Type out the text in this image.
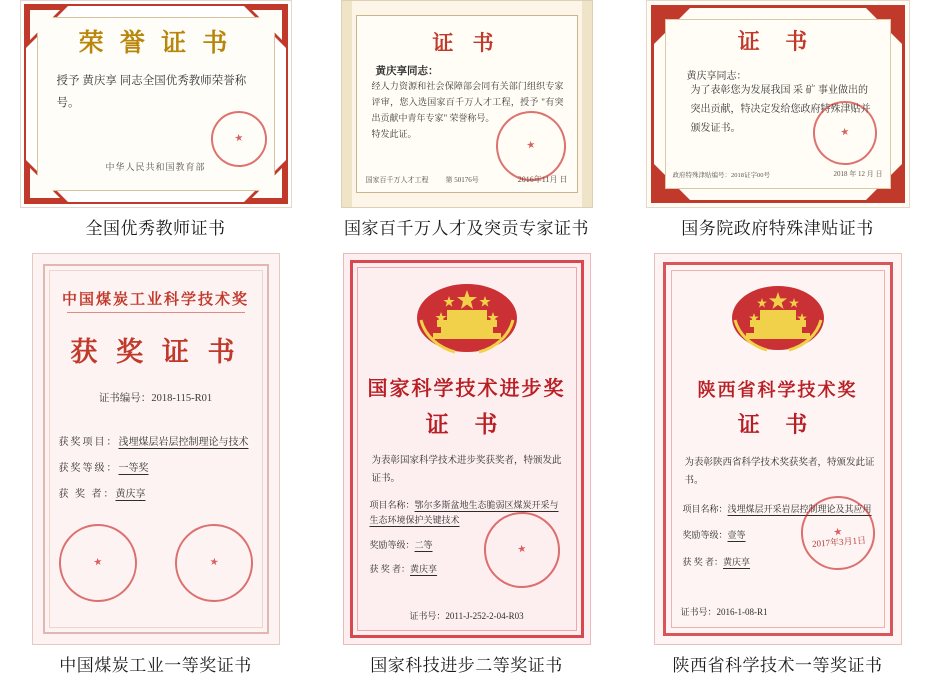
荣 誉 证 书
授予 黄庆享 同志全国优秀教师荣誉称号。
中华人民共和国教育部
★
全国优秀教师证书
证 书
黄庆享同志：
经人力资源和社会保障部会同有关部门组织专家评审，您入选国家百千万人才工程，授予 "有突出贡献中青年专家" 荣誉称号。
特发此证。
国家百千万人才工程 第 50176号	2016年11月 日
★
国家百千万人才及突贡专家证书
证 书
黄庆享同志：
为了表彰您为发展我国 采 矿 事业做出的突出贡献，特决定发给您政府特殊津贴并颁发证书。
政府特殊津贴编号：2018证字00号	2018 年 12 月 日
★
国务院政府特殊津贴证书
中国煤炭工业科学技术奖
获 奖 证 书
证书编号：2018-115-R01
获奖项目：浅埋煤层岩层控制理论与技术
获奖等级：一等奖
获 奖 者：黄庆享
★	★
中国煤炭工业一等奖证书
国家科学技术进步奖
证 书
为表彰国家科学技术进步奖获奖者，特颁发此证书。
项目名称：鄂尔多斯盆地生态脆弱区煤炭开采与生态环境保护关键技术
奖励等级：二等
获 奖 者：黄庆享
★
证书号：2011-J-252-2-04-R03
国家科技进步二等奖证书
陕西省科学技术奖
证 书
为表彰陕西省科学技术奖获奖者，特颁发此证书。
项目名称：浅埋煤层开采岩层控制理论及其应用
奖励等级：壹等
获 奖 者：黄庆享
2017年3月1日
★
证书号：2016-1-08-R1
陕西省科学技术一等奖证书
